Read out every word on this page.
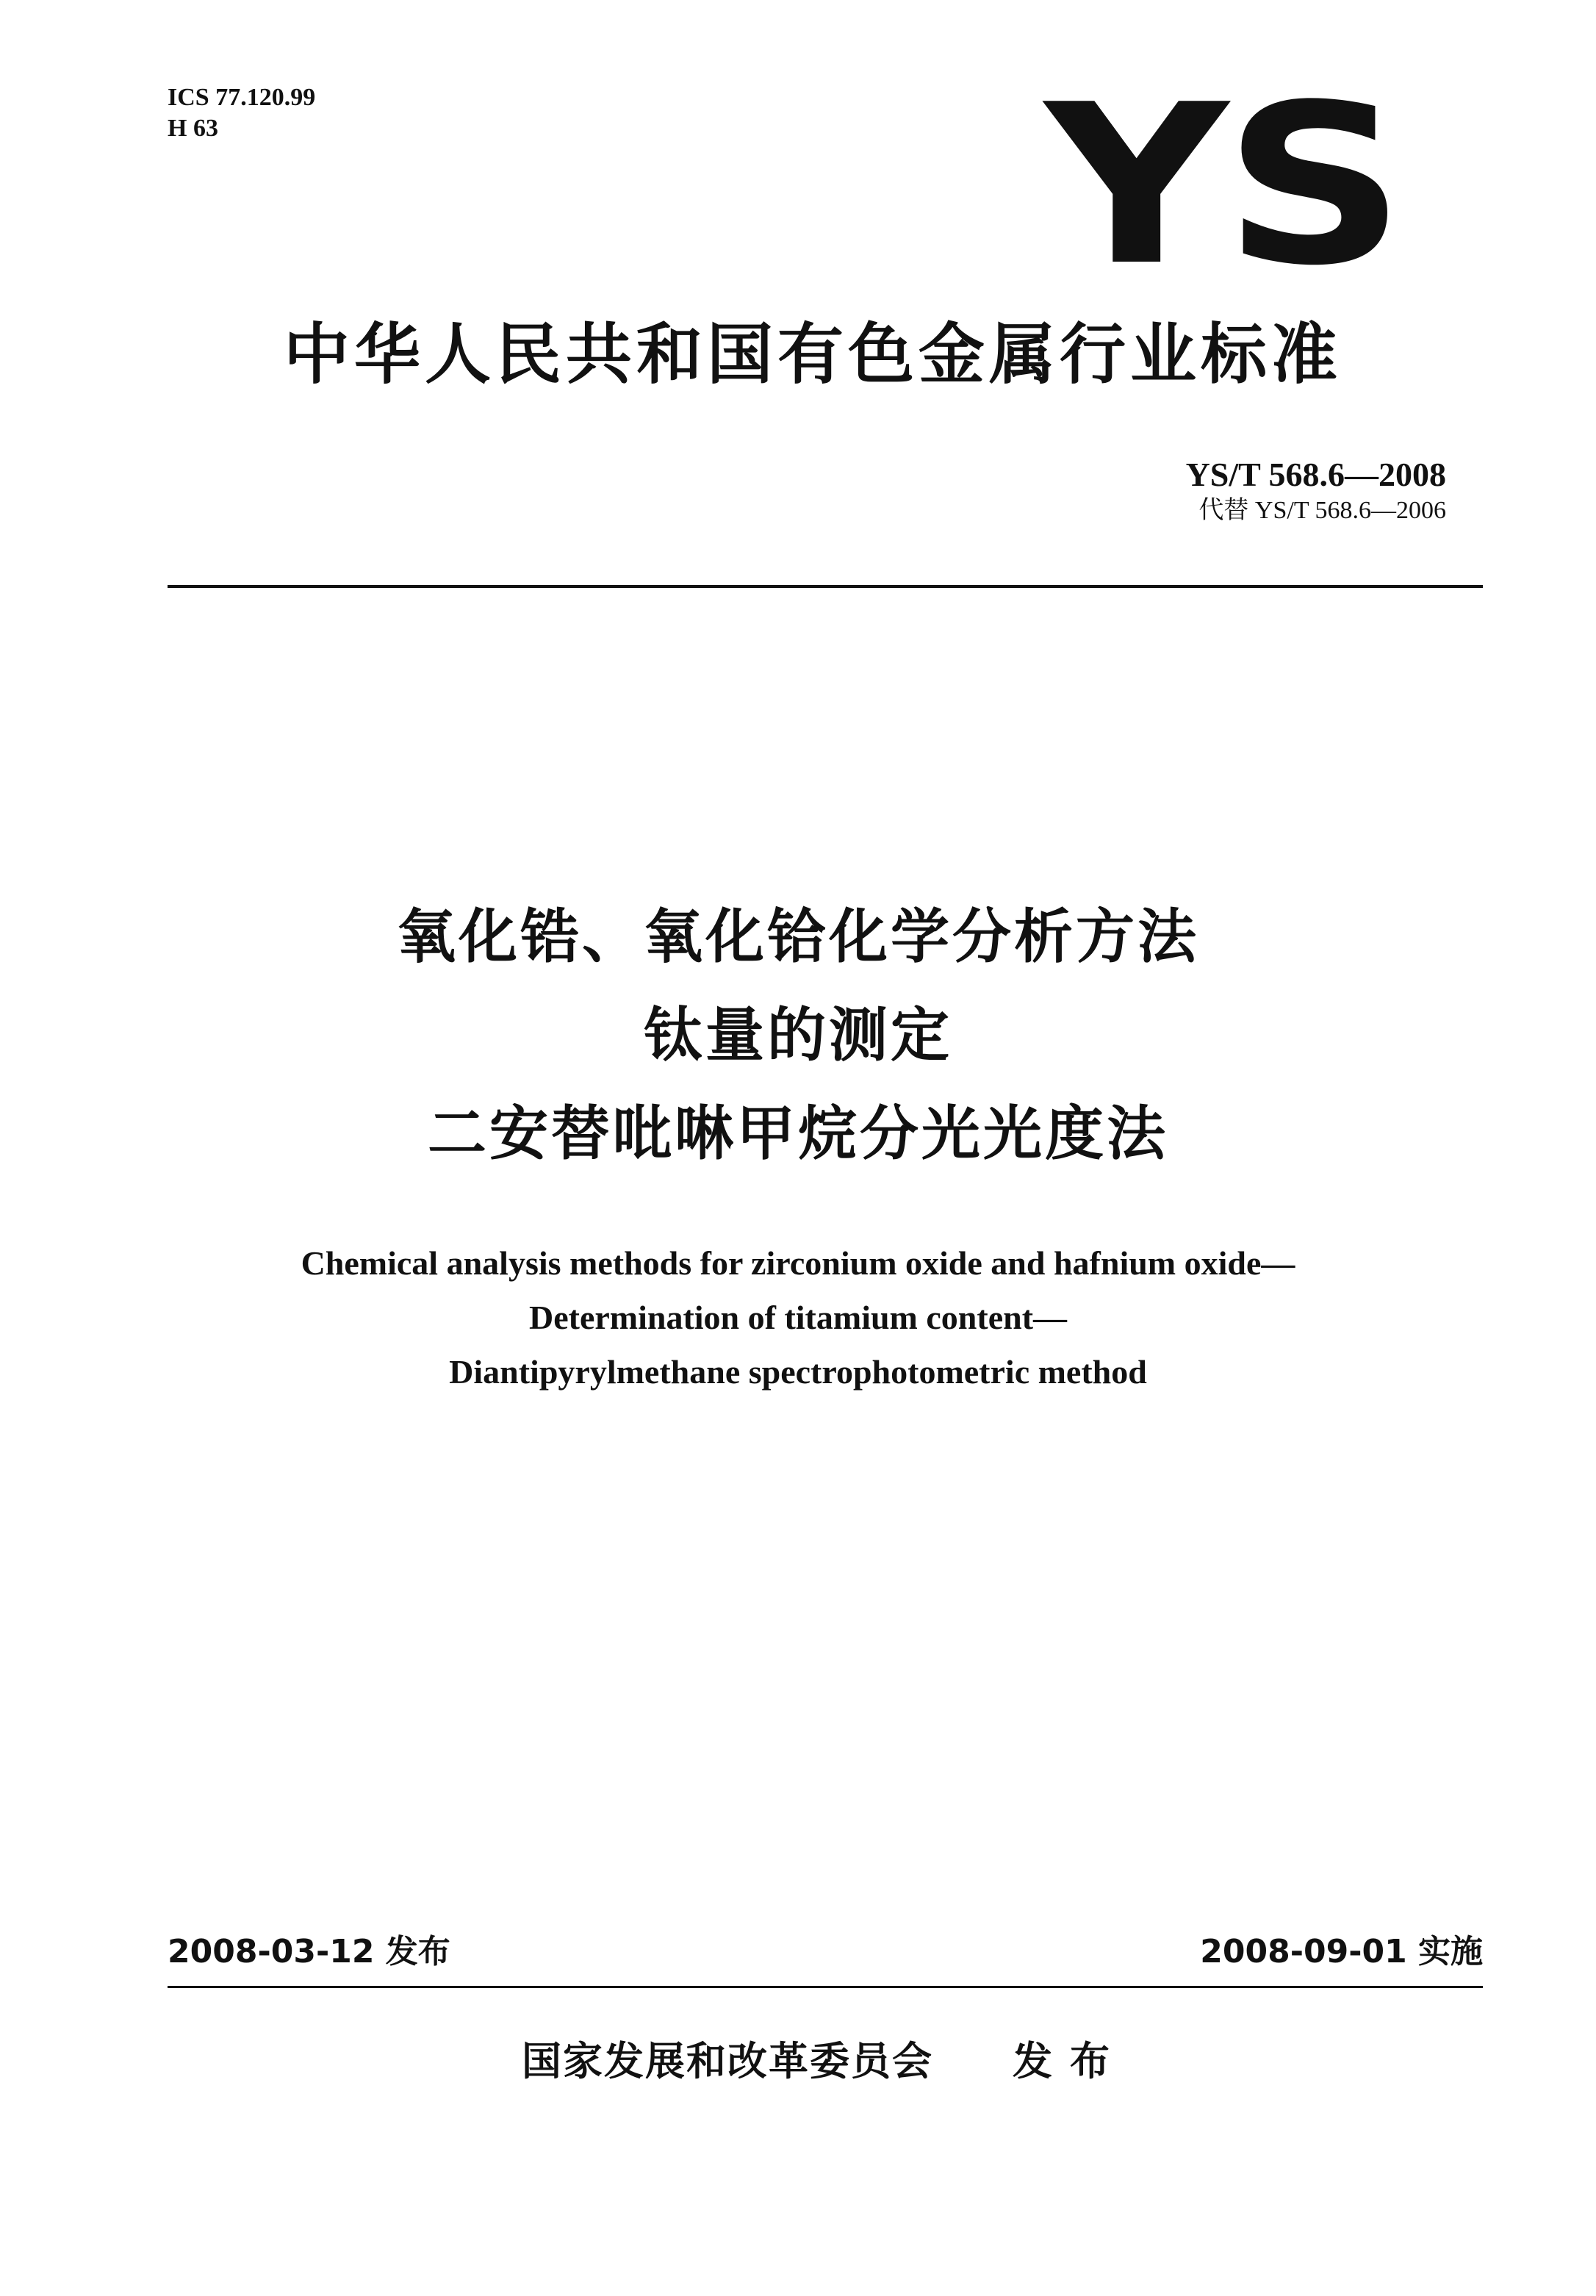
ICS 77.120.99
H 63	YS
中华人民共和国有色金属行业标准
YS/T 568.6—2008
代替 YS/T 568.6—2006
氧化锆、氧化铪化学分析方法
钛量的测定
二安替吡啉甲烷分光光度法
Chemical analysis methods for zirconium oxide and hafnium oxide—
Determination of titamium content—
Diantipyrylmethane spectrophotometric method
2008-03-12 发布	2008-09-01 实施
国家发展和改革委员会 发布
